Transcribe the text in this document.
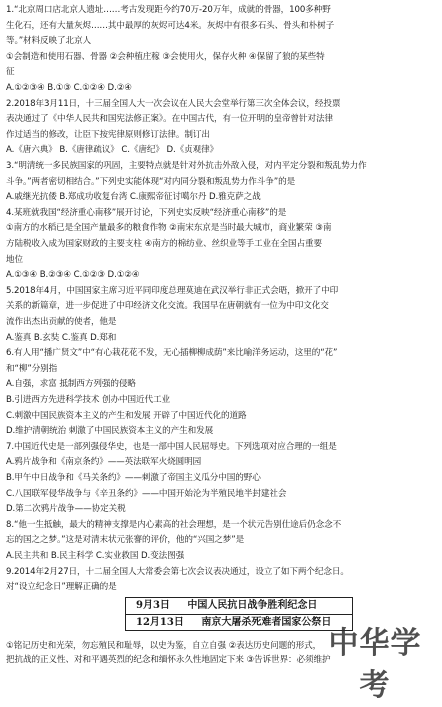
1.“北京周口店北京人遗址……考古发现距今约70万-20万年，成就的骨器，100多种野
生化石，还有大量灰烬……其中最厚的灰烬可达4米。灰烬中有很多石头、骨头和朴树子
等。”材料反映了北京人
①会制造和使用石器、骨器 ②会种植庄稼 ③会使用火，保存火种 ④保留了狼的某些特
征
A.①②③④ B.①③ C.①②④ D.②④
2.2018年3月11日，十三届全国人大一次会议在人民大会堂举行第三次全体会议，经投票
表决通过了《中华人民共和国宪法修正案》。在中国古代，有一位开明的皇帝曾针对法律
作过适当的修改，让臣下按宪律原则修订法律。制订出
A.《唐六典》 B.《唐律疏议》 C.《唐纪》 D.《贞观律》
3.“明清统一多民族国家的巩固，主要特点就是针对外抗击外敌入侵，对内平定分裂和叛乱势力作
斗争。”两者密切相结合。”下列史实能体现“对内同分裂和叛乱势力作斗争”的是
A.戚继光抗倭 B.郑成功收复台湾 C.康熙帝征讨噶尔丹 D.雅克萨之战
4.某班就我国“经济重心南移”展开讨论，下列史实反映“经济重心南移”的是
①南方的水稻已是全国产量最多的粮食作物 ②南宋东京是当时最大城市，商业繁荣 ③南
方陆税收入成为国家财政的主要支柱 ④南方的棉纺业、丝织业等手工业在全国占重要
地位
A.①③④ B.②③④ C.①②③ D.①②④
5.2018年4月，中国国家主席习近平同印度总理莫迪在武汉举行非正式会晤，掀开了中印
关系的新篇章，进一步促进了中印经济文化交流。我国早在唐朝就有一位为中印文化交
流作出杰出贡献的使者，他是
A.鉴真 B.玄奘 C.鉴真 D.郑和
6.有人用“播广贤文”中“有心栽花花不发，无心插柳柳成荫”来比喻洋务运动，这里的“花”
和“柳”分别指
A.自强，求富 抵制西方列强的侵略
B.引进西方先进科学技术 创办中国近代工业
C.刺激中国民族资本主义的产生和发展 开辟了中国近代化的道路
D.维护清朝统治 刺激了中国民族资本主义的产生和发展
7.中国近代史是一部列强侵华史，也是一部中国人民屈辱史。下列选项对应合理的一组是
A.鸦片战争和《南京条约》——英法联军火烧圆明园
B.甲午中日战争和《马关条约》——刺激了帝国主义瓜分中国的野心
C.八国联军侵华战争与《辛丑条约》——中国开始沦为半殖民地半封建社会
D.第二次鸦片战争——协定关税
8.“他一生抵触，最大的精神支撑是内心素高的社会理想，是一个状元告别仕途后仍念念不
忘的国之之梦。”这是对清末状元张謇的评价，他的“兴国之梦”是
A.民主共和 B.民主科学 C.实业救国 D.变法图强
9.2014年2月27日，十二届全国人大常委会第七次会议表决通过，设立了如下两个纪念日。
对“设立纪念日”理解正确的是
9月3日 中国人民抗日战争胜利纪念日
12月13日 南京大屠杀死难者国家公祭日
①铭记历史和光荣，勿忘殖民和耻辱，以史为鉴，自立自强 ②表达历史问题的形式，
把抗战的正义性、对和平遇英烈的纪念和缅怀永久性地固定下来 ③告诉世界：必须维护
中华学考
